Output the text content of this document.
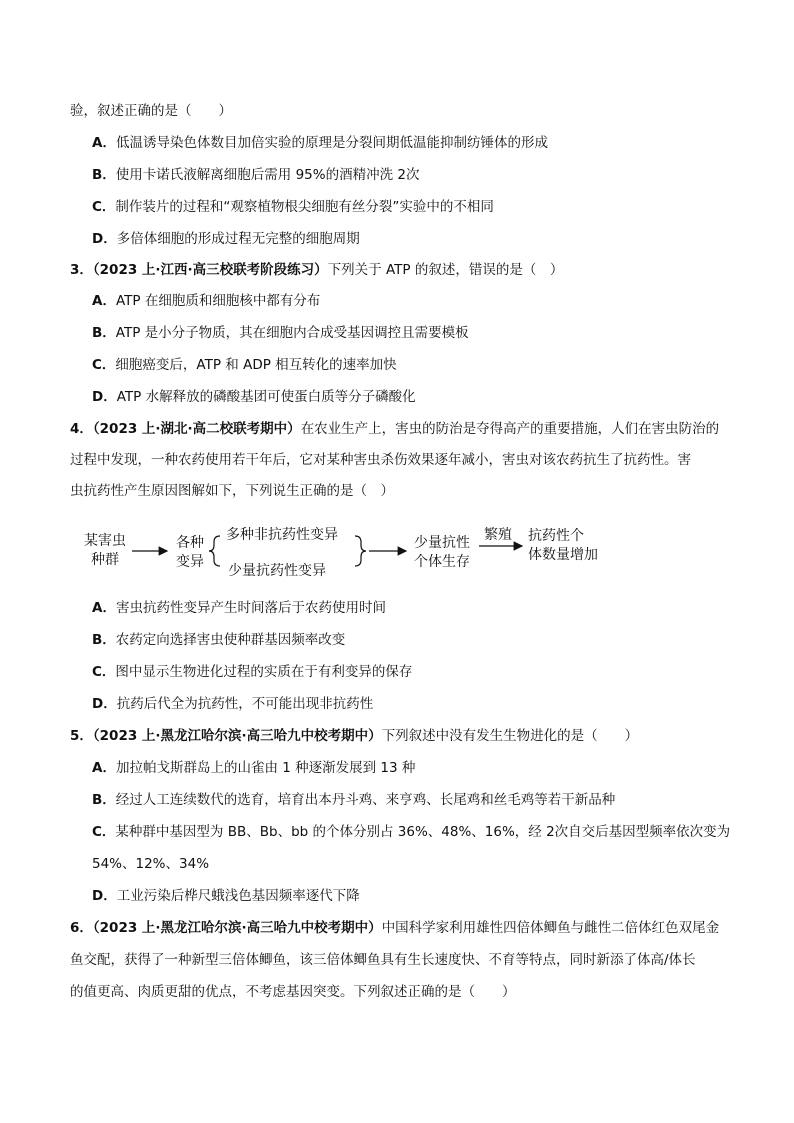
验，叙述正确的是（　　）
A．低温诱导染色体数目加倍实验的原理是分裂间期低温能抑制纺锤体的形成
B．使用卡诺氏液解离细胞后需用 95%的酒精冲洗 2次
C．制作装片的过程和“观察植物根尖细胞有丝分裂”实验中的不相同
D．多倍体细胞的形成过程无完整的细胞周期
3．（2023 上·江西·高三校联考阶段练习）下列关于 ATP 的叙述，错误的是（　）
A．ATP 在细胞质和细胞核中都有分布
B．ATP 是小分子物质，其在细胞内合成受基因调控且需要模板
C．细胞癌变后，ATP 和 ADP 相互转化的速率加快
D．ATP 水解释放的磷酸基团可使蛋白质等分子磷酸化
4．（2023 上·湖北·高二校联考期中）在农业生产上，害虫的防治是夺得高产的重要措施，人们在害虫防治的
过程中发现，一种农药使用若干年后，它对某种害虫杀伤效果逐年减小，害虫对该农药抗生了抗药性。害
虫抗药性产生原因图解如下，下列说生正确的是（　）
某害虫
种群
各种
变异
多种非抗药性变异
少量抗药性变异
少量抗性
个体生存
繁殖 抗药性个
体数量增加
A．害虫抗药性变异产生时间落后于农药使用时间
B．农药定向选择害虫使种群基因频率改变
C．图中显示生物进化过程的实质在于有利变异的保存
D．抗药后代全为抗药性，不可能出现非抗药性
5．（2023 上·黑龙江哈尔滨·高三哈九中校考期中）下列叙述中没有发生生物进化的是（　　）
A．加拉帕戈斯群岛上的山雀由 1 种逐渐发展到 13 种
B．经过人工连续数代的选育，培育出本丹斗鸡、来亨鸡、长尾鸡和丝毛鸡等若干新品种
C．某种群中基因型为 BB、Bb、bb 的个体分别占 36%、48%、16%，经 2次自交后基因型频率依次变为
54%、12%、34%
D．工业污染后桦尺蛾浅色基因频率逐代下降
6．（2023 上·黑龙江哈尔滨·高三哈九中校考期中）中国科学家利用雄性四倍体鲫鱼与雌性二倍体红色双尾金
鱼交配，获得了一种新型三倍体鲫鱼，该三倍体鲫鱼具有生长速度快、不育等特点，同时新添了体高/体长
的值更高、肉质更甜的优点，不考虑基因突变。下列叙述正确的是（　　）
